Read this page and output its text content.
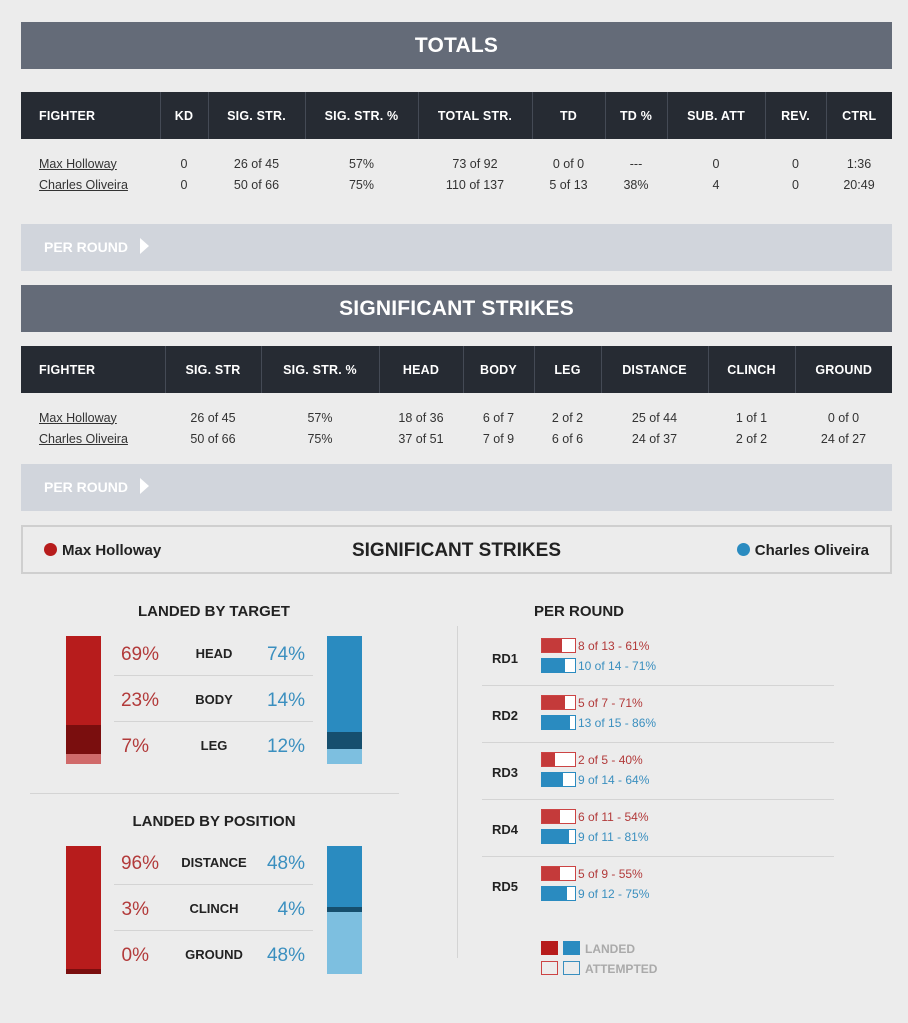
TOTALS
FIGHTER	KD	SIG. STR.	SIG. STR. %	TOTAL STR.	TD	TD %	SUB. ATT	REV.	CTRL
Max Holloway	0	26 of 45	57%	73 of 92	0 of 0	---	0	0	1:36
Charles Oliveira	0	50 of 66	75%	110 of 137	5 of 13	38%	4	0	20:49
PER ROUND
SIGNIFICANT STRIKES
FIGHTER	SIG. STR	SIG. STR. %	HEAD	BODY	LEG	DISTANCE	CLINCH	GROUND
Max Holloway	26 of 45	57%	18 of 36	6 of 7	2 of 2	25 of 44	1 of 1	0 of 0
Charles Oliveira	50 of 66	75%	37 of 51	7 of 9	6 of 6	24 of 37	2 of 2	24 of 27
PER ROUND
Max Holloway	SIGNIFICANT STRIKES	Charles Oliveira
LANDED BY TARGET
69%	HEAD	74%
23%	BODY	14%
7%	LEG	12%
LANDED BY POSITION
96%	DISTANCE	48%
3%	CLINCH	4%
0%	GROUND	48%
PER ROUND
RD1
8 of 13 - 61%
10 of 14 - 71%
RD2
5 of 7 - 71%
13 of 15 - 86%
RD3
2 of 5 - 40%
9 of 14 - 64%
RD4
6 of 11 - 54%
9 of 11 - 81%
RD5
5 of 9 - 55%
9 of 12 - 75%
LANDED
ATTEMPTED
